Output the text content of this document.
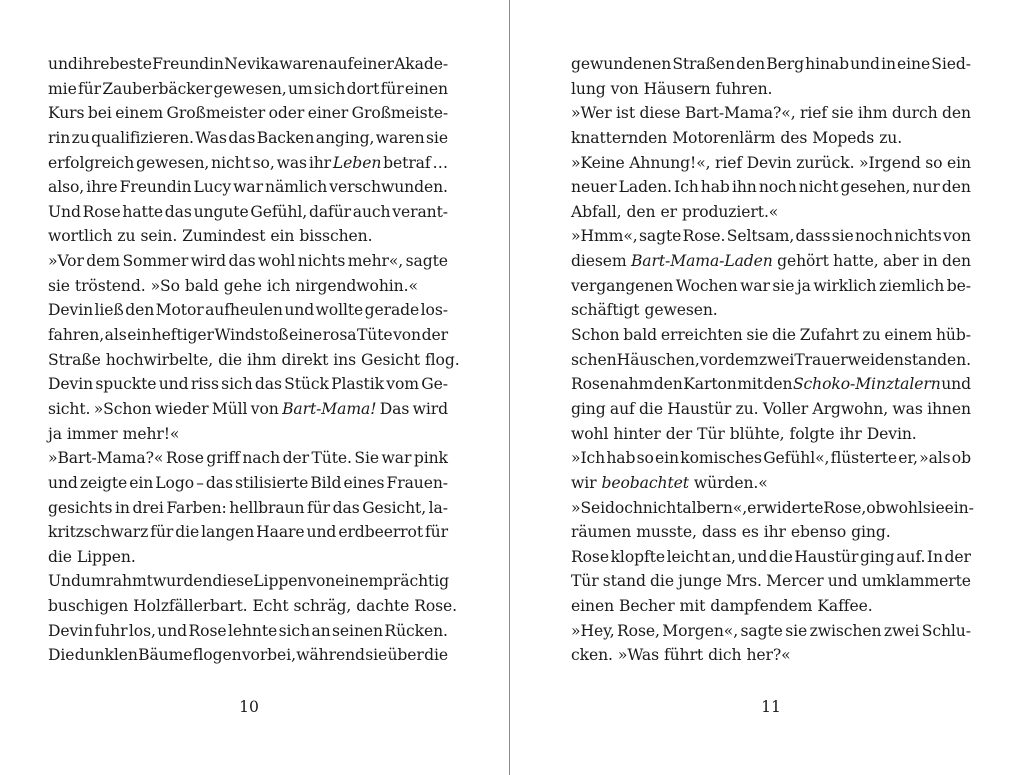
und ihre beste Freundin Nevika waren auf einer Akade-
mie für Zauberbäcker gewesen, um sich dort für einen
Kurs bei einem Großmeister oder einer Großmeiste-
rin zu qualifizieren. Was das Backen anging, waren sie
erfolgreich gewesen, nicht so, was ihr Leben betraf …
also, ihre Freundin Lucy war nämlich verschwunden.
Und Rose hatte das ungute Gefühl, dafür auch verant-
wortlich zu sein. Zumindest ein bisschen.
»Vor dem Sommer wird das wohl nichts mehr«, sagte
sie tröstend. »So bald gehe ich nirgendwohin.«
Devin ließ den Motor aufheulen und wollte gerade los-
fahren, als ein heftiger Windstoß eine rosa Tüte von der
Straße hochwirbelte, die ihm direkt ins Gesicht flog.
Devin spuckte und riss sich das Stück Plastik vom Ge-
sicht. »Schon wieder Müll von Bart-Mama! Das wird
ja immer mehr!«
»Bart-Mama?« Rose griff nach der Tüte. Sie war pink
und zeigte ein Logo – das stilisierte Bild eines Frauen-
gesichts in drei Farben: hellbraun für das Gesicht, la-
kritzschwarz für die langen Haare und erdbeerrot für
die Lippen.
Und umrahmt wurden diese Lippen von einem prächtig
buschigen Holzfällerbart. Echt schräg, dachte Rose.
Devin fuhr los, und Rose lehnte sich an seinen Rücken.
Die dunklen Bäume flogen vorbei, während sie über die
gewundenen Straßen den Berg hinab und in eine Sied-
lung von Häusern fuhren.
»Wer ist diese Bart-Mama?«, rief sie ihm durch den
knatternden Motorenlärm des Mopeds zu.
»Keine Ahnung!«, rief Devin zurück. »Irgend so ein
neuer Laden. Ich hab ihn noch nicht gesehen, nur den
Abfall, den er produziert.«
»Hmm«, sagte Rose. Seltsam, dass sie noch nichts von
diesem Bart-Mama-Laden gehört hatte, aber in den
vergangenen Wochen war sie ja wirklich ziemlich be-
schäftigt gewesen.
Schon bald erreichten sie die Zufahrt zu einem hüb-
schen Häuschen, vor dem zwei Trauerweiden standen.
Rose nahm den Karton mit den Schoko-Minztalern und
ging auf die Haustür zu. Voller Argwohn, was ihnen
wohl hinter der Tür blühte, folgte ihr Devin.
»Ich hab so ein komisches Gefühl«, flüsterte er, »als ob
wir beobachtet würden.«
»Sei doch nicht albern«, erwiderte Rose, obwohl sie ein-
räumen musste, dass es ihr ebenso ging.
Rose klopfte leicht an, und die Haustür ging auf. In der
Tür stand die junge Mrs. Mercer und umklammerte
einen Becher mit dampfendem Kaffee.
»Hey, Rose, Morgen«, sagte sie zwischen zwei Schlu-
cken. »Was führt dich her?«
10	11
